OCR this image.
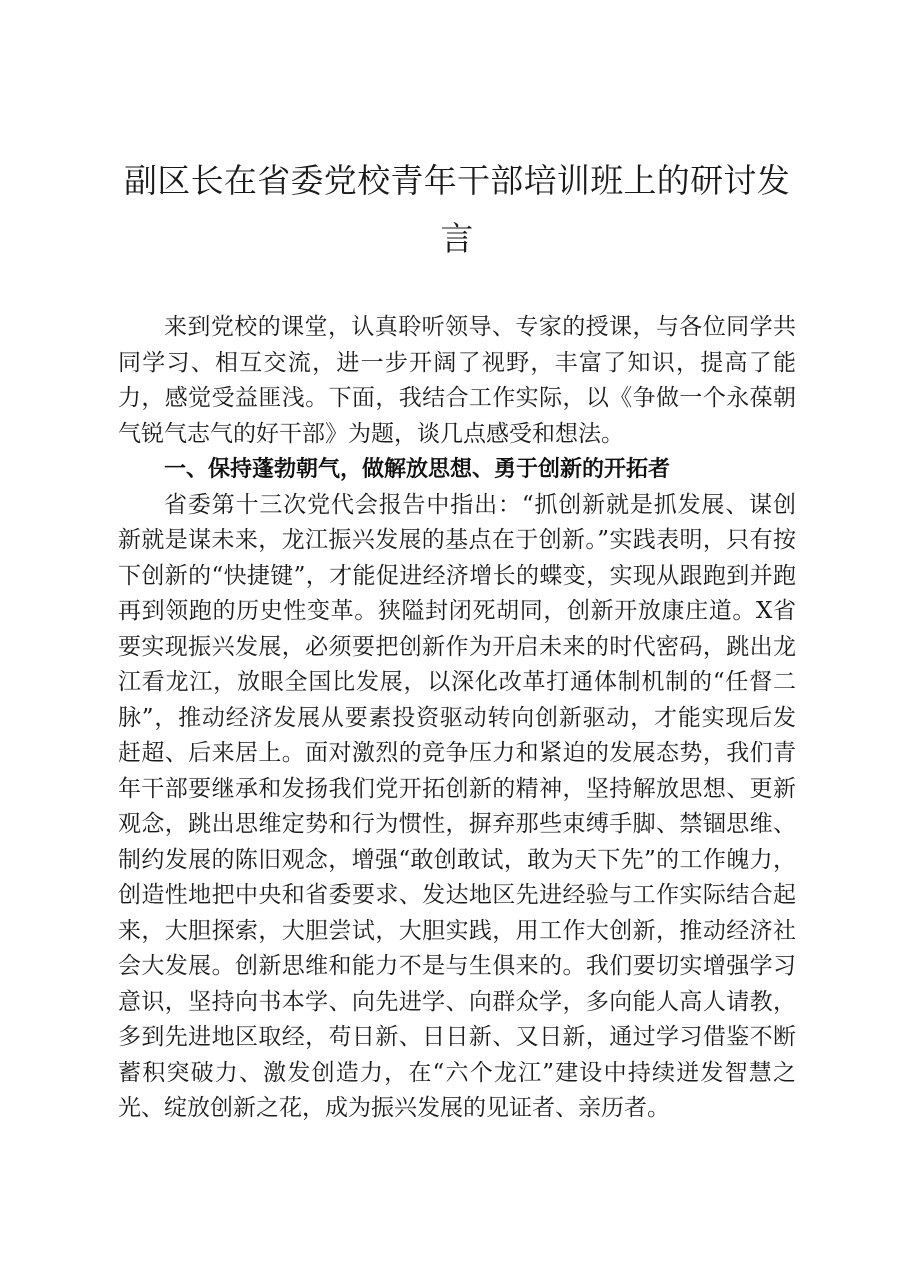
副区长在省委党校青年干部培训班上的研讨发言

来到党校的课堂，认真聆听领导、专家的授课，与各位同学共同学习、相互交流，进一步开阔了视野，丰富了知识，提高了能力，感觉受益匪浅。下面，我结合工作实际，以《争做一个永葆朝气锐气志气的好干部》为题，谈几点感受和想法。

一、保持蓬勃朝气，做解放思想、勇于创新的开拓者

省委第十三次党代会报告中指出：“抓创新就是抓发展、谋创新就是谋未来，龙江振兴发展的基点在于创新。”实践表明，只有按下创新的“快捷键”，才能促进经济增长的蝶变，实现从跟跑到并跑再到领跑的历史性变革。狭隘封闭死胡同，创新开放康庄道。X省要实现振兴发展，必须要把创新作为开启未来的时代密码，跳出龙江看龙江，放眼全国比发展，以深化改革打通体制机制的“任督二脉”，推动经济发展从要素投资驱动转向创新驱动，才能实现后发赶超、后来居上。面对激烈的竞争压力和紧迫的发展态势，我们青年干部要继承和发扬我们党开拓创新的精神，坚持解放思想、更新观念，跳出思维定势和行为惯性，摒弃那些束缚手脚、禁锢思维、制约发展的陈旧观念，增强“敢创敢试，敢为天下先”的工作魄力，创造性地把中央和省委要求、发达地区先进经验与工作实际结合起来，大胆探索，大胆尝试，大胆实践，用工作大创新，推动经济社会大发展。创新思维和能力不是与生俱来的。我们要切实增强学习意识，坚持向书本学、向先进学、向群众学，多向能人高人请教，多到先进地区取经，苟日新、日日新、又日新，通过学习借鉴不断蓄积突破力、激发创造力，在“六个龙江”建设中持续迸发智慧之光、绽放创新之花，成为振兴发展的见证者、亲历者。
